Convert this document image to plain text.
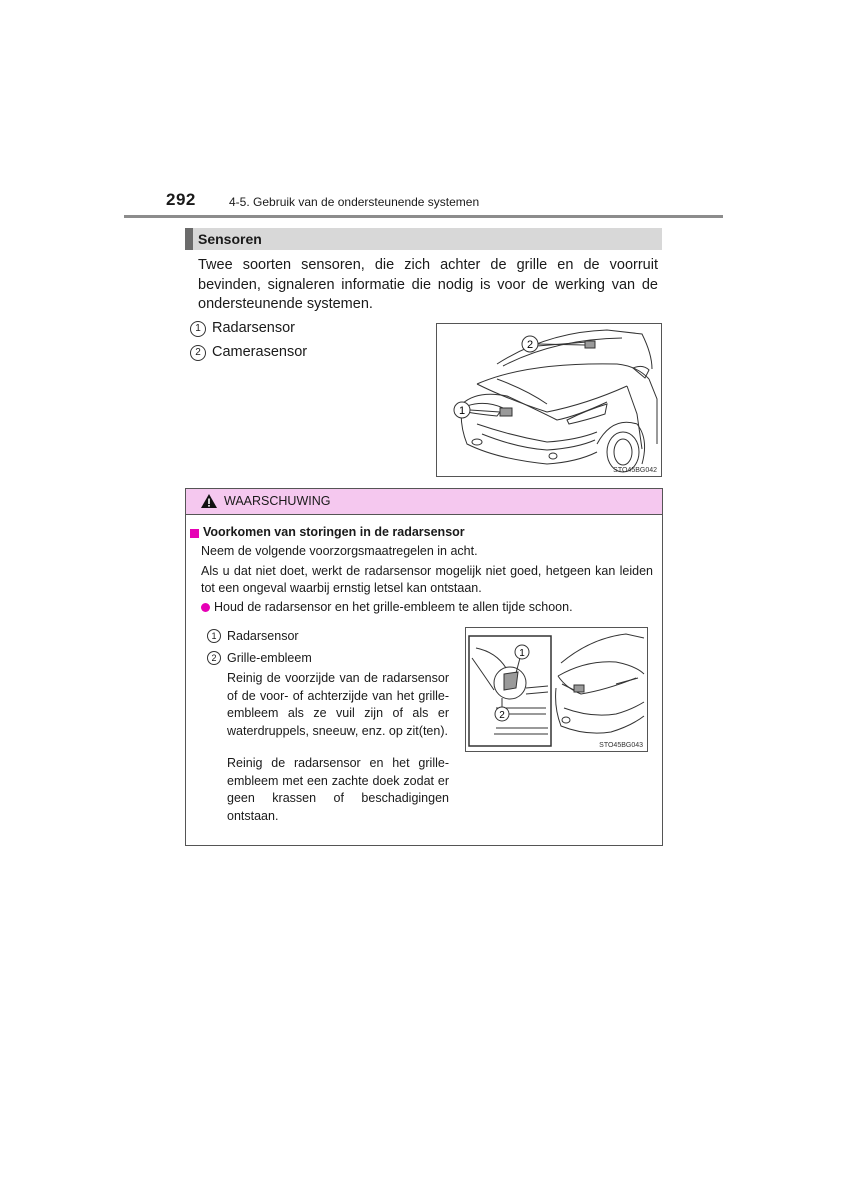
292	4-5. Gebruik van de ondersteunende systemen
Sensoren
Twee soorten sensoren, die zich achter de grille en de voorruit bevinden, signaleren informatie die nodig is voor de werking van de ondersteunende systemen.
1 Radarsensor
2 Camerasensor
1
2
STO45BG042
WAARSCHUWING
Voorkomen van storingen in de radarsensor
Neem de volgende voorzorgsmaatregelen in acht.
Als u dat niet doet, werkt de radarsensor mogelijk niet goed, hetgeen kan leiden tot een ongeval waarbij ernstig letsel kan ontstaan.
Houd de radarsensor en het grille-embleem te allen tijde schoon.
1 Radarsensor
2 Grille-embleem
Reinig de voorzijde van de radarsensor of de voor- of achterzijde van het grille-embleem als ze vuil zijn of als er waterdruppels, sneeuw, enz. op zit(ten).
Reinig de radarsensor en het grille-embleem met een zachte doek zodat er geen krassen of beschadigingen ontstaan.
1
2
STO45BG043
